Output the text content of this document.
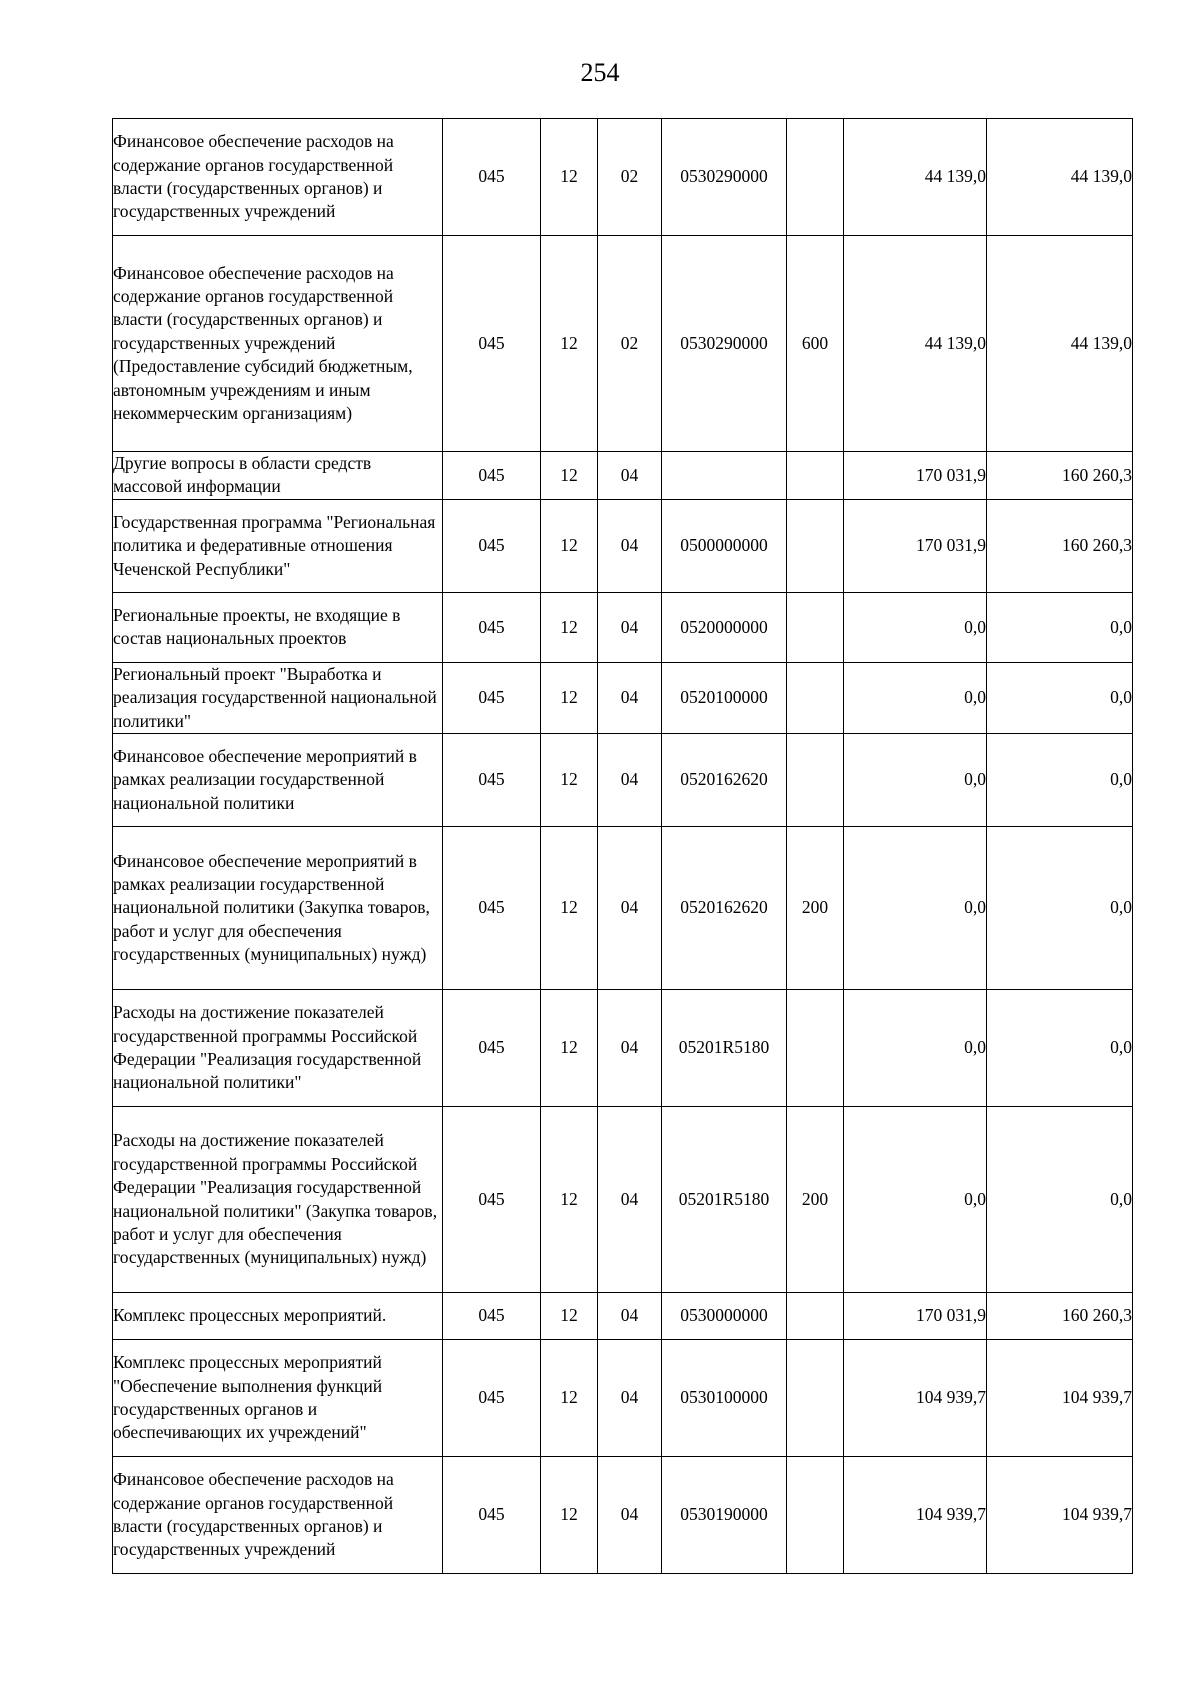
254
Финансовое обеспечение расходов на содержание органов государственной власти (государственных органов) и государственных учреждений	045	12	02	0530290000		44 139,0	44 139,0
Финансовое обеспечение расходов на содержание органов государственной власти (государственных органов) и государственных учреждений (Предоставление субсидий бюджетным, автономным учреждениям и иным некоммерческим организациям)	045	12	02	0530290000	600	44 139,0	44 139,0
Другие вопросы в области средств массовой информации	045	12	04			170 031,9	160 260,3
Государственная программа "Региональная политика и федеративные отношения Чеченской Республики"	045	12	04	0500000000		170 031,9	160 260,3
Региональные проекты, не входящие в состав национальных проектов	045	12	04	0520000000		0,0	0,0
Региональный проект "Выработка и реализация государственной национальной политики"	045	12	04	0520100000		0,0	0,0
Финансовое обеспечение мероприятий в рамках реализации государственной национальной политики	045	12	04	0520162620		0,0	0,0
Финансовое обеспечение мероприятий в рамках реализации государственной национальной политики (Закупка товаров, работ и услуг для обеспечения государственных (муниципальных) нужд)	045	12	04	0520162620	200	0,0	0,0
Расходы на достижение показателей государственной программы Российской Федерации "Реализация государственной национальной политики"	045	12	04	05201R5180		0,0	0,0
Расходы на достижение показателей государственной программы Российской Федерации "Реализация государственной национальной политики" (Закупка товаров, работ и услуг для обеспечения государственных (муниципальных) нужд)	045	12	04	05201R5180	200	0,0	0,0
Комплекс процессных мероприятий.	045	12	04	0530000000		170 031,9	160 260,3
Комплекс процессных мероприятий "Обеспечение выполнения функций государственных органов и обеспечивающих их учреждений"	045	12	04	0530100000		104 939,7	104 939,7
Финансовое обеспечение расходов на содержание органов государственной власти (государственных органов) и государственных учреждений	045	12	04	0530190000		104 939,7	104 939,7
